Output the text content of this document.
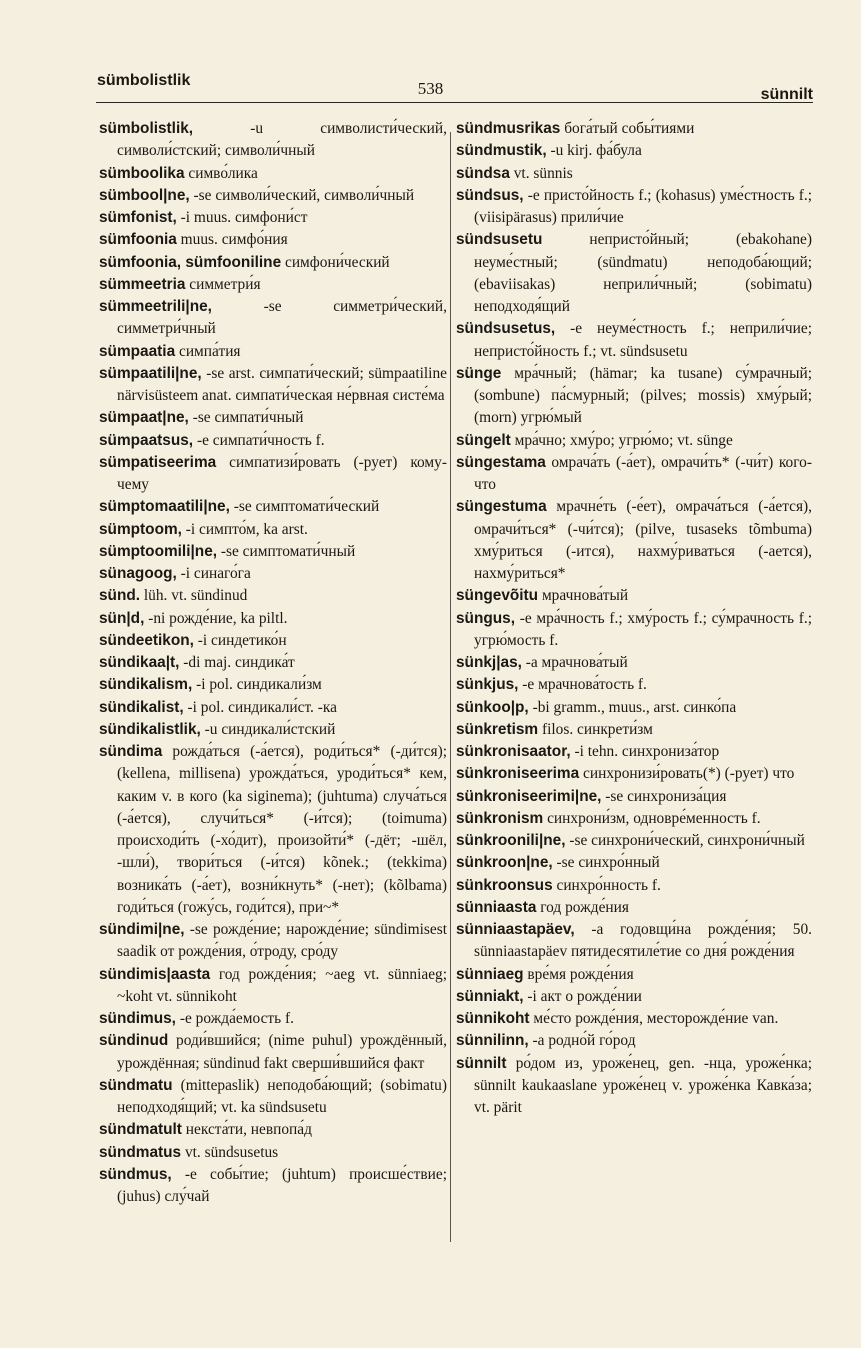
sümbolistlik	538	sünnilt
sümbolistlik, -u символисти́ческий, символи́стский; символи́чный
sümboolika симво́лика
sümbool|ne, -se символи́ческий, символи́чный
sümfonist, -i muus. симфони́ст
sümfoonia muus. симфо́ния
sümfoonia, sümfooniline симфони́ческий
sümmeetria симметри́я
sümmeetrili|ne, -se симметри́ческий, симметри́чный
sümpaatia симпа́тия
sümpaatili|ne, -se arst. симпати́ческий; sümpaatiline närvisüsteem anat. симпати́ческая не́рвная систе́ма
sümpaat|ne, -se симпати́чный
sümpaatsus, -e симпати́чность f.
sümpatiseerima симпатизи́ровать (-рует) кому-чему
sümptomaatili|ne, -se симптомати́ческий
sümptoom, -i симпто́м, ka arst.
sümptoomili|ne, -se симптомати́чный
sünagoog, -i синаго́га
sünd. lüh. vt. sündinud
sün|d, -ni рожде́ние, ka piltl.
sündeetikon, -i синдетико́н
sündikaa|t, -di maj. синдика́т
sündikalism, -i pol. синдикали́зм
sündikalist, -i pol. синдикали́ст. -ка
sündikalistlik, -u синдикали́стский
sündima рожда́ться (-а́ется), роди́ться* (-ди́тся); (kellena, millisena) урожда́ться, уроди́ться* кем, каким v. в кого (ka siginema); (juhtuma) случа́ться (-а́ется), случи́ться* (-и́тся); (toimuma) происходи́ть (-хо́дит), произойти́* (-дёт; -шёл, -шли́), твори́ться (-и́тся) kõnek.; (tekkima) возника́ть (-а́ет), возни́кнуть* (-нет); (kõlbama) годи́ться (гожу́сь, годи́тся), при~*
sündimi|ne, -se рожде́ние; нарожде́ние; sündimisest saadik от рожде́ния, о́троду, сро́ду
sündimis|aasta год рожде́ния; ~aeg vt. sünniaeg; ~koht vt. sünnikoht
sündimus, -e рожда́емость f.
sündinud роди́вшийся; (nime puhul) урождённый, урождённая; sündinud fakt сверши́вшийся факт
sündmatu (mittepaslik) неподоба́ющий; (sobimatu) неподходя́щий; vt. ka sündsusetu
sündmatult некста́ти, невпопа́д
sündmatus vt. sündsusetus
sündmus, -e собы́тие; (juhtum) происше́ствие; (juhus) слу́чай
sündmusrikas бога́тый собы́тиями
sündmustik, -u kirj. фа́була
sündsa vt. sünnis
sündsus, -e присто́йность f.; (kohasus) уме́стность f.; (viisipärasus) прили́чие
sündsusetu непристо́йный; (ebakohane) неуме́стный; (sündmatu) неподоба́ющий; (ebaviisakas) неприли́чный; (sobimatu) неподходя́щий
sündsusetus, -e неуме́стность f.; неприли́чие; непристо́йность f.; vt. sündsusetu
sünge мра́чный; (hämar; ka tusane) су́мрачный; (sombune) па́смурный; (pilves; mossis) хму́рый; (morn) угрю́мый
süngelt мра́чно; хму́ро; угрю́мо; vt. sünge
süngestama омрача́ть (-а́ет), омрачи́ть* (-чи́т) кого-что
süngestuma мрачне́ть (-е́ет), омрача́ться (-а́ется), омрачи́ться* (-чи́тся); (pilve, tusaseks tõmbuma) хму́риться (-ится), нахму́риваться (-ается), нахму́риться*
süngevõitu мрачнова́тый
süngus, -e мра́чность f.; хму́рость f.; су́мрачность f.; угрю́мость f.
sünkj|as, -a мрачнова́тый
sünkjus, -e мрачнова́тость f.
sünkoo|p, -bi gramm., muus., arst. синко́па
sünkretism filos. синкрети́зм
sünkronisaator, -i tehn. синхрониза́тор
sünkroniseerima синхронизи́ровать(*) (-рует) что
sünkroniseerimi|ne, -se синхрониза́ция
sünkronism синхрони́зм, одновре́менность f.
sünkroonili|ne, -se синхрони́ческий, синхрони́чный
sünkroon|ne, -se синхро́нный
sünkroonsus синхро́нность f.
sünniaasta год рожде́ния
sünniaastapäev, -a годовщи́на рожде́ния; 50. sünniaastapäev пятидесятиле́тие со дня́ рожде́ния
sünniaeg вре́мя рожде́ния
sünniakt, -i акт о рожде́нии
sünnikoht ме́сто рожде́ния, местоpожде́ние van.
sünnilinn, -a родно́й го́род
sünnilt ро́дом из, уроже́нец, gen. -нца, уроже́нка; sünnilt kaukaaslane уроже́нец v. уроже́нка Кавка́за; vt. pärit
